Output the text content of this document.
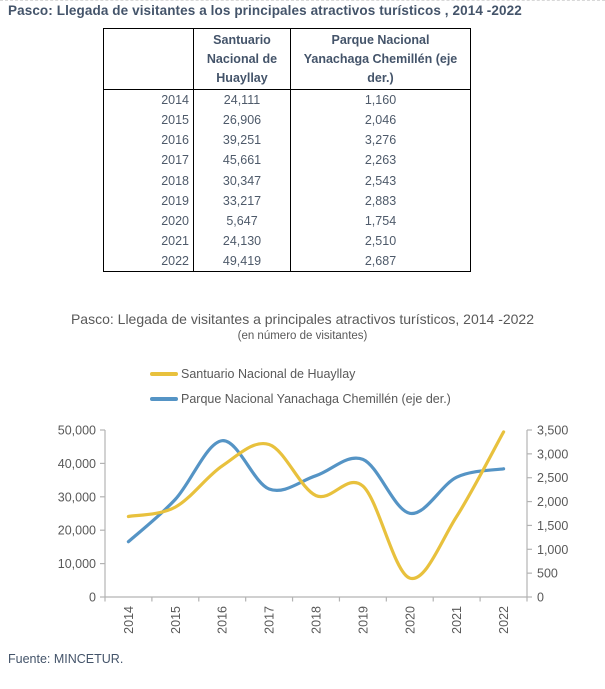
Pasco: Llegada de visitantes a los principales atractivos turísticos , 2014 -2022
	Santuario Nacional de Huayllay	Parque Nacional Yanachaga Chemillén (eje der.)
2014	24,111	1,160
2015	26,906	2,046
2016	39,251	3,276
2017	45,661	2,263
2018	30,347	2,543
2019	33,217	2,883
2020	5,647	1,754
2021	24,130	2,510
2022	49,419	2,687
Pasco: Llegada de visitantes a principales atractivos turísticos, 2014 -2022
(en número de visitantes)
Santuario Nacional de Huayllay
Parque Nacional Yanachaga Chemillén (eje der.)
0
10,000
20,000
30,000
40,000
50,000
0
500
1,000
1,500
2,000
2,500
3,000
3,500
2014	2015	2016	2017	2018	2019	2020	2021	2022
Fuente: MINCETUR.
